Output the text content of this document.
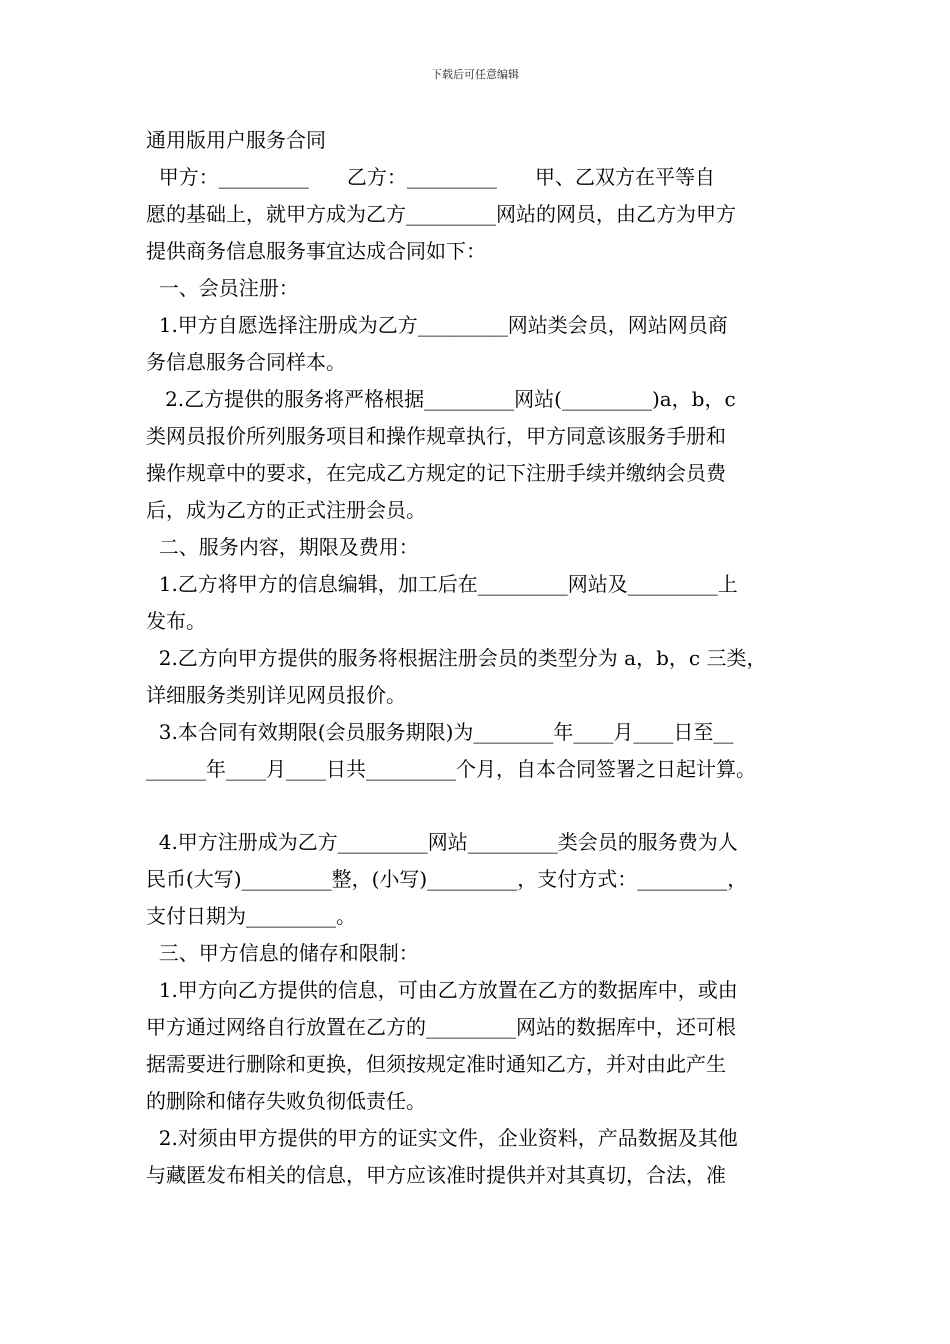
下载后可任意编辑
通用版用户服务合同
甲方：_________      乙方：_________      甲、乙双方在平等自
愿的基础上，就甲方成为乙方_________网站的网员，由乙方为甲方
提供商务信息服务事宜达成合同如下：
一、会员注册：
1.甲方自愿选择注册成为乙方_________网站类会员，网站网员商
务信息服务合同样本。
2.乙方提供的服务将严格根据_________网站(_________)a，b，c
类网员报价所列服务项目和操作规章执行，甲方同意该服务手册和
操作规章中的要求，在完成乙方规定的记下注册手续并缴纳会员费
后，成为乙方的正式注册会员。
二、服务内容，期限及费用：
1.乙方将甲方的信息编辑，加工后在_________网站及_________上
发布。
2.乙方向甲方提供的服务将根据注册会员的类型分为 a，b，c 三类，
详细服务类别详见网员报价。
3.本合同有效期限(会员服务期限)为________年____月____日至__
______年____月____日共_________个月，自本合同签署之日起计算。
4.甲方注册成为乙方_________网站_________类会员的服务费为人
民币(大写)_________整，(小写)_________，支付方式：_________，
支付日期为_________。
三、甲方信息的储存和限制：
1.甲方向乙方提供的信息，可由乙方放置在乙方的数据库中，或由
甲方通过网络自行放置在乙方的_________网站的数据库中，还可根
据需要进行删除和更换，但须按规定准时通知乙方，并对由此产生
的删除和储存失败负彻低责任。
2.对须由甲方提供的甲方的证实文件，企业资料，产品数据及其他
与藏匿发布相关的信息，甲方应该准时提供并对其真切，合法，准
